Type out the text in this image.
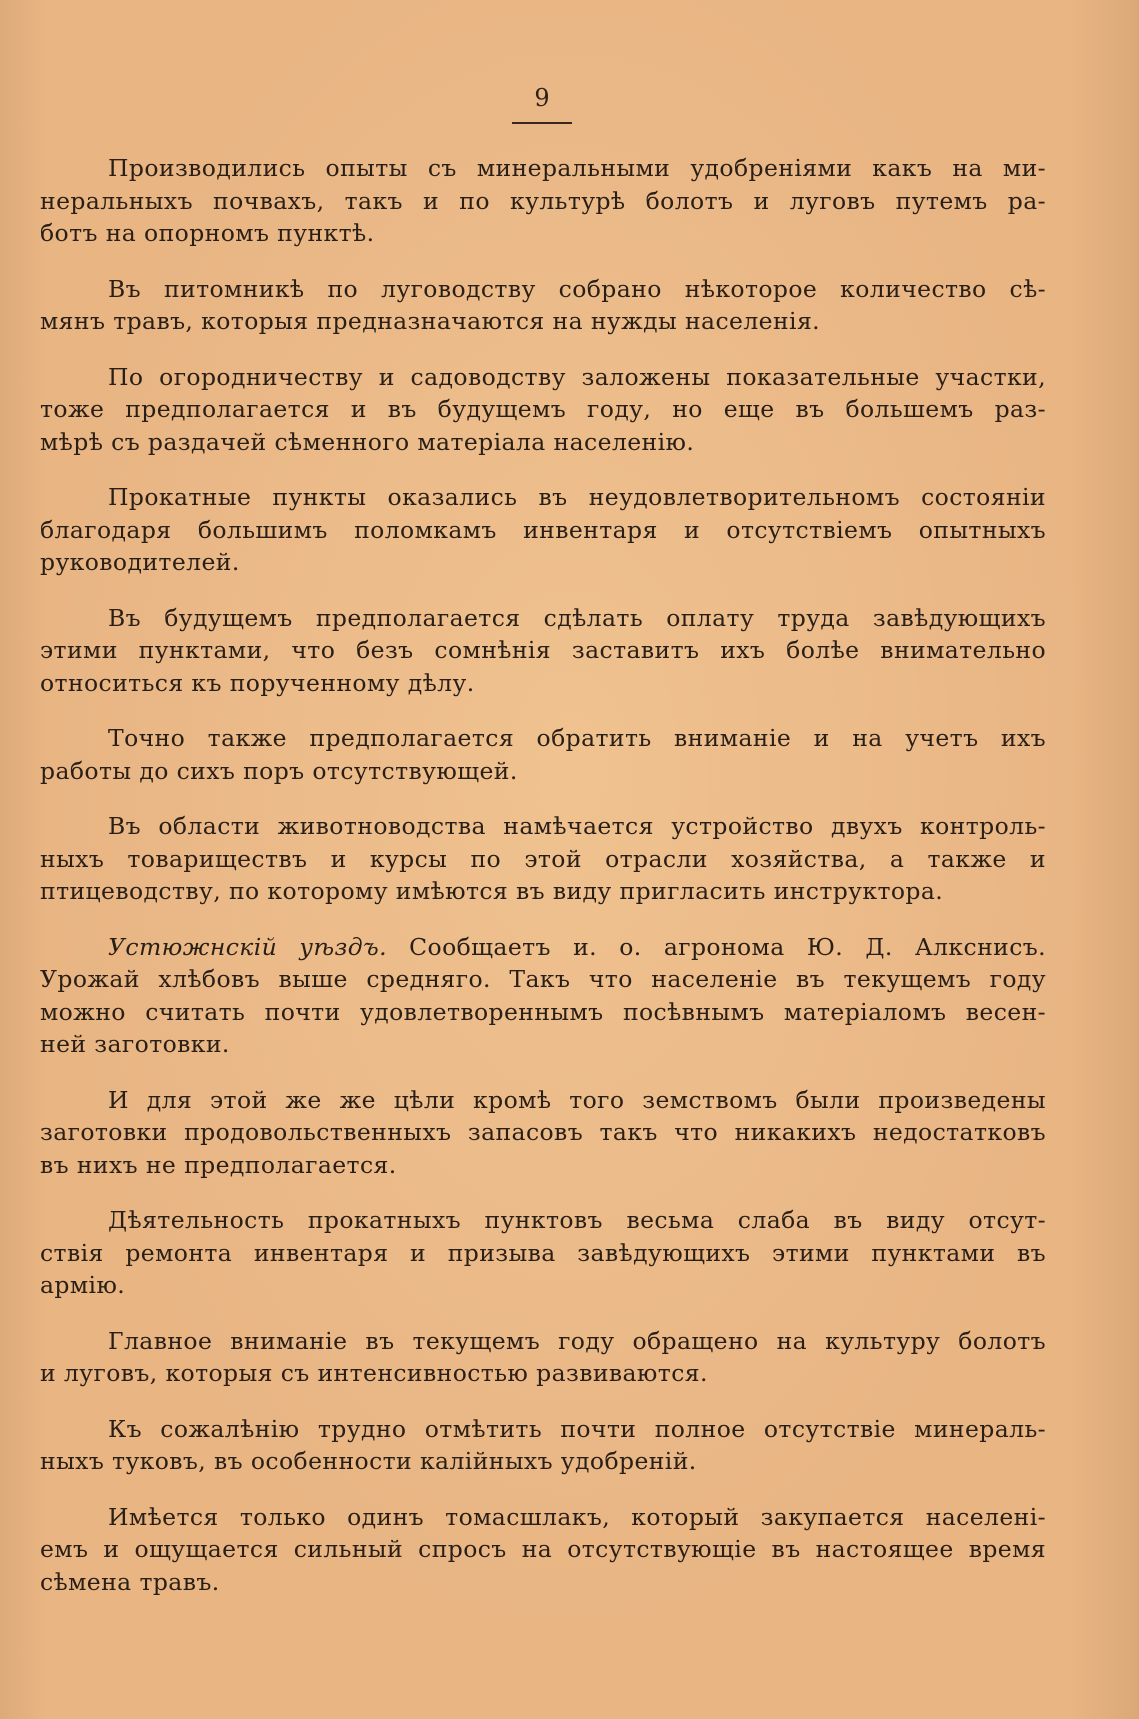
9
Производились опыты съ минеральными удобреніями какъ на ми-
неральныхъ почвахъ, такъ и по культурѣ болотъ и луговъ путемъ ра-
ботъ на опорномъ пунктѣ.
Въ питомникѣ по луговодству собрано нѣкоторое количество сѣ-
мянъ травъ, которыя предназначаются на нужды населенія.
По огородничеству и садоводству заложены показательные участки,
тоже предполагается и въ будущемъ году, но еще въ большемъ раз-
мѣрѣ съ раздачей сѣменного матеріала населенію.
Прокатные пункты оказались въ неудовлетворительномъ состояніи
благодаря большимъ поломкамъ инвентаря и отсутствіемъ опытныхъ
руководителей.
Въ будущемъ предполагается сдѣлать оплату труда завѣдующихъ
этими пунктами, что безъ сомнѣнія заставитъ ихъ болѣе внимательно
относиться къ порученному дѣлу.
Точно также предполагается обратить вниманіе и на учетъ ихъ
работы до сихъ поръ отсутствующей.
Въ области животноводства намѣчается устройство двухъ контроль-
ныхъ товариществъ и курсы по этой отрасли хозяйства, а также и
птицеводству, по которому имѣются въ виду пригласить инструктора.
Устюжнскій уѣздъ. Сообщаетъ и. о. агронома Ю. Д. Алкснисъ.
Урожай хлѣбовъ выше средняго. Такъ что населеніе въ текущемъ году
можно считать почти удовлетвореннымъ посѣвнымъ матеріаломъ весен-
ней заготовки.
И для этой же же цѣли кромѣ того земствомъ были произведены
заготовки продовольственныхъ запасовъ такъ что никакихъ недостатковъ
въ нихъ не предполагается.
Дѣятельность прокатныхъ пунктовъ весьма слаба въ виду отсут-
ствія ремонта инвентаря и призыва завѣдующихъ этими пунктами въ
армію.
Главное вниманіе въ текущемъ году обращено на культуру болотъ
и луговъ, которыя съ интенсивностью развиваются.
Къ сожалѣнію трудно отмѣтить почти полное отсутствіе минераль-
ныхъ туковъ, въ особенности калійныхъ удобреній.
Имѣется только одинъ томасшлакъ, который закупается населені-
емъ и ощущается сильный спросъ на отсутствующіе въ настоящее время
сѣмена травъ.
